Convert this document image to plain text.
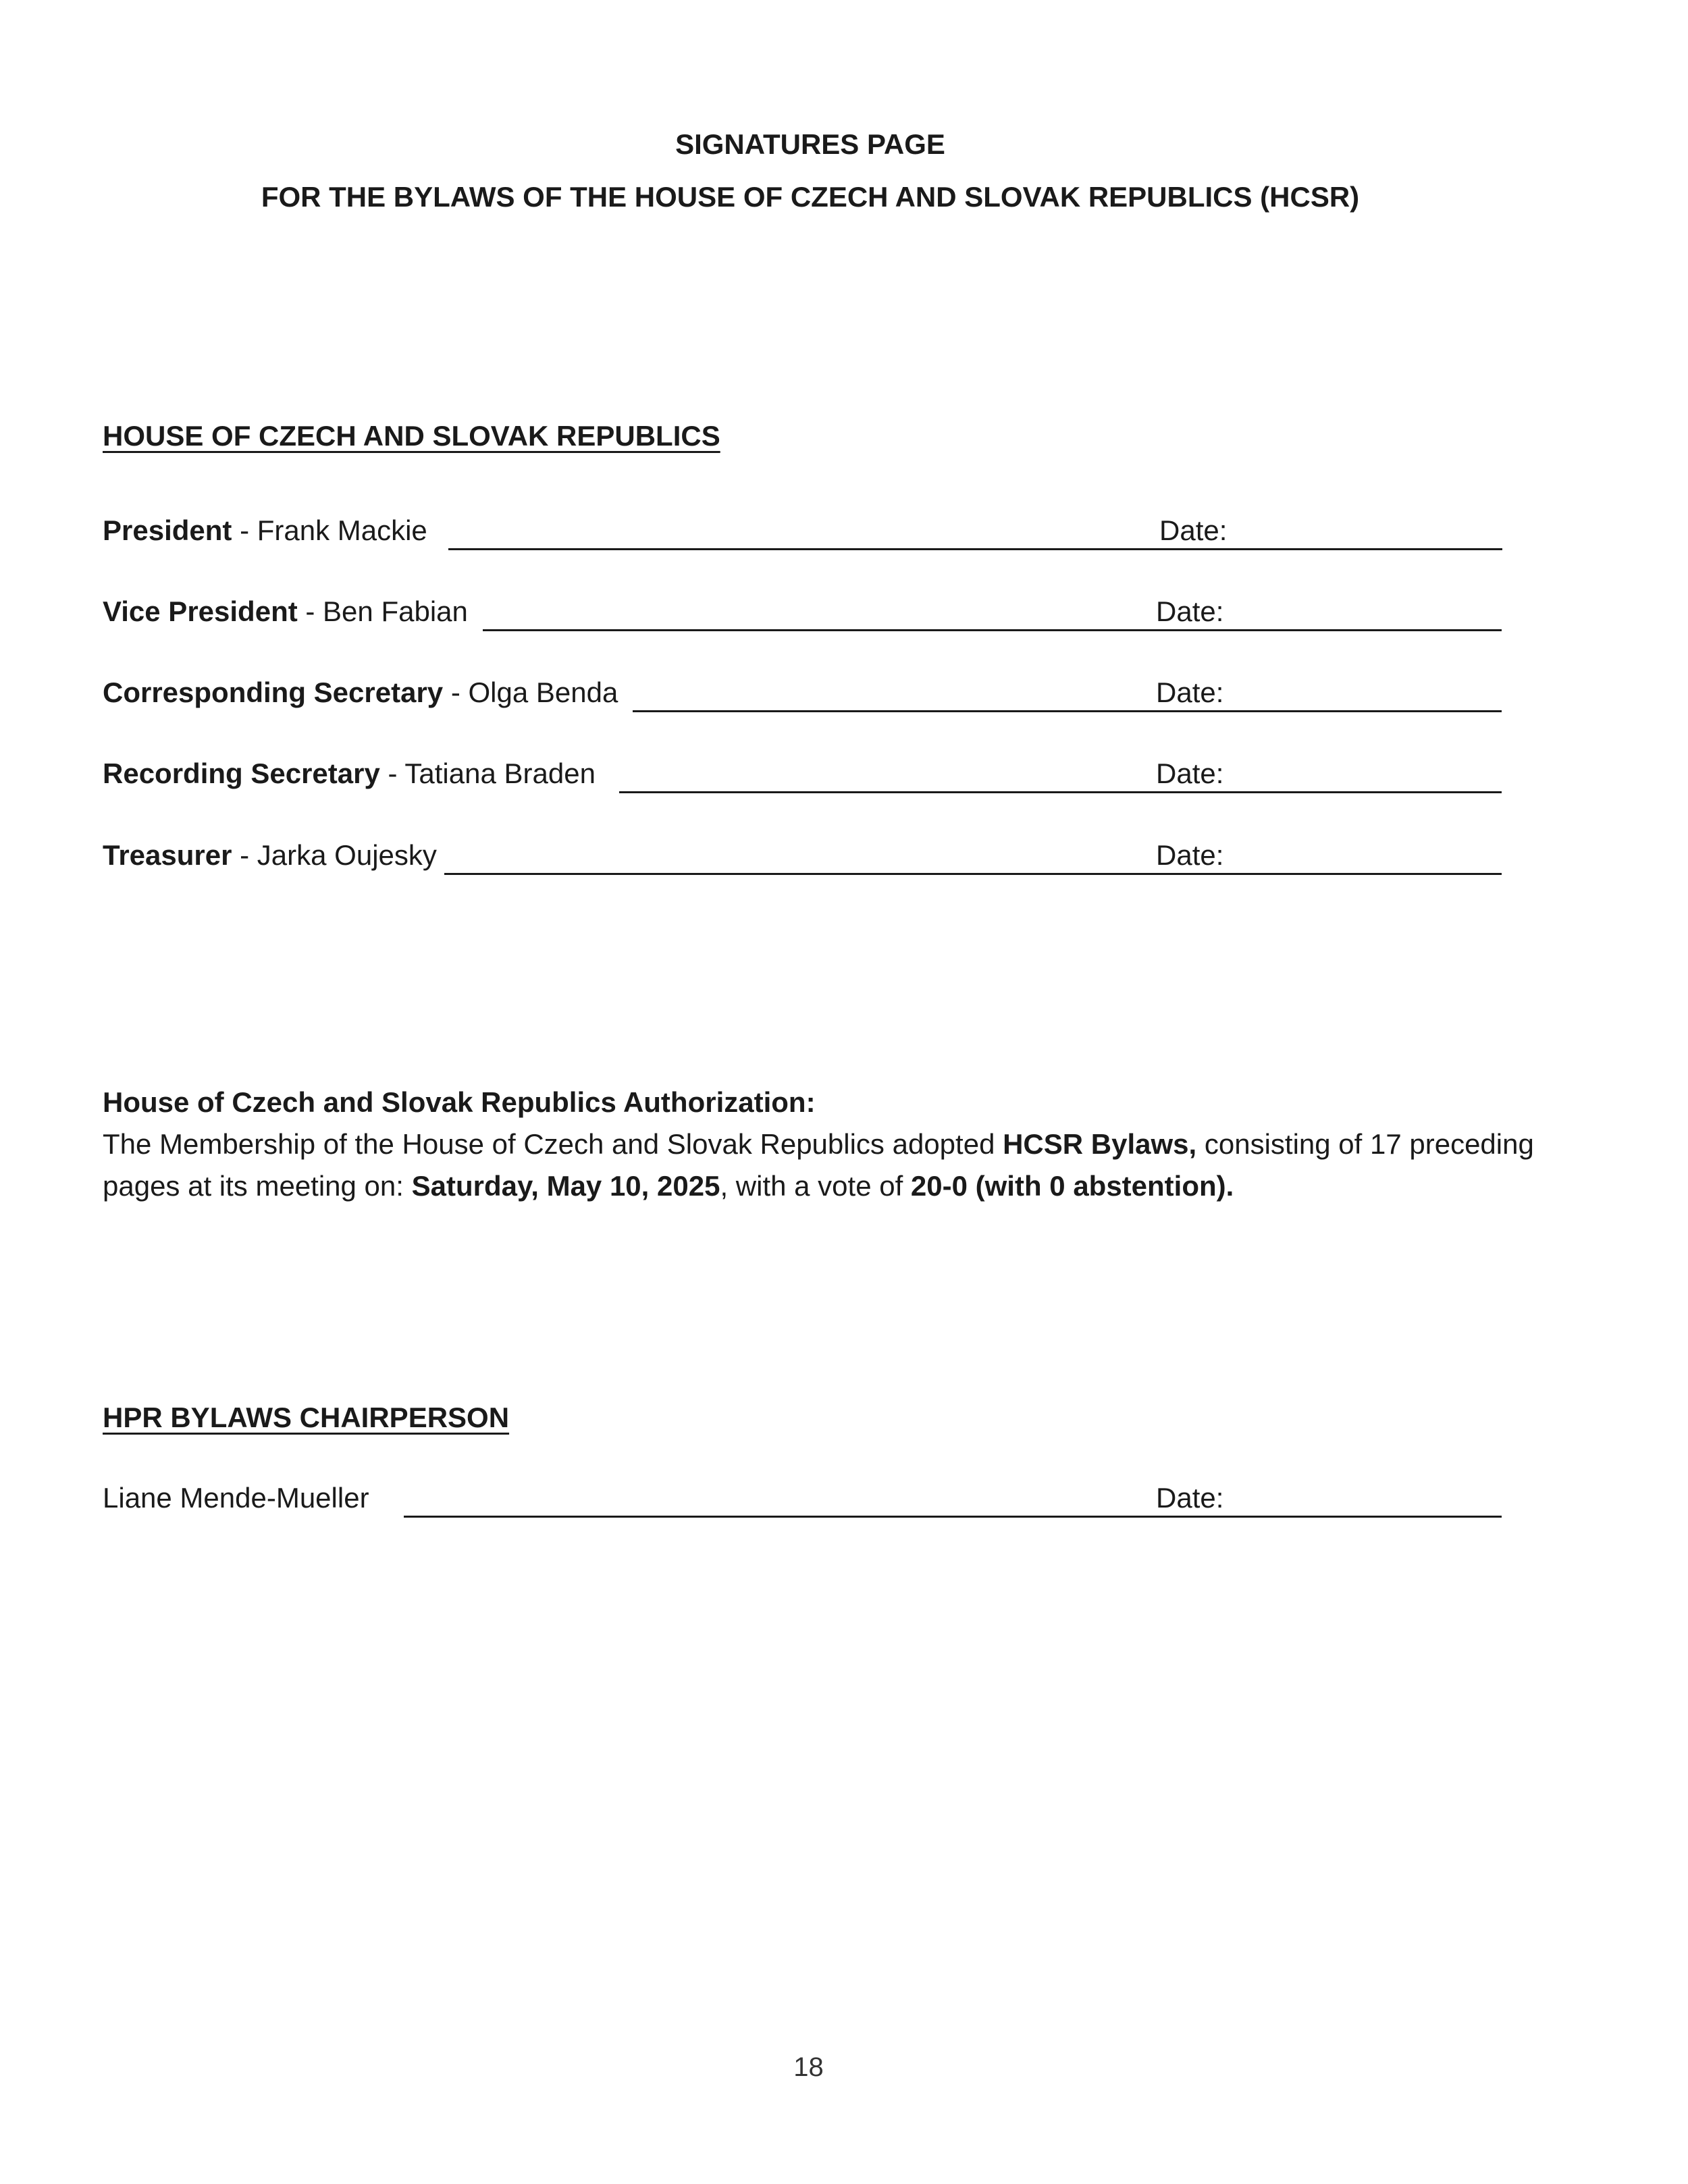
SIGNATURES PAGE
FOR THE BYLAWS OF THE HOUSE OF CZECH AND SLOVAK REPUBLICS (HCSR)
HOUSE OF CZECH AND SLOVAK REPUBLICS
President - Frank Mackie	Date:
Vice President - Ben Fabian	Date:
Corresponding Secretary - Olga Benda	Date:
Recording Secretary - Tatiana Braden	Date:
Treasurer - Jarka Oujesky	Date:
House of Czech and Slovak Republics Authorization:
The Membership of the House of Czech and Slovak Republics adopted HCSR Bylaws, consisting of 17 preceding pages at its meeting on: Saturday, May 10, 2025, with a vote of 20-0 (with 0 abstention).
HPR BYLAWS CHAIRPERSON
Liane Mende-Mueller	Date:
18
